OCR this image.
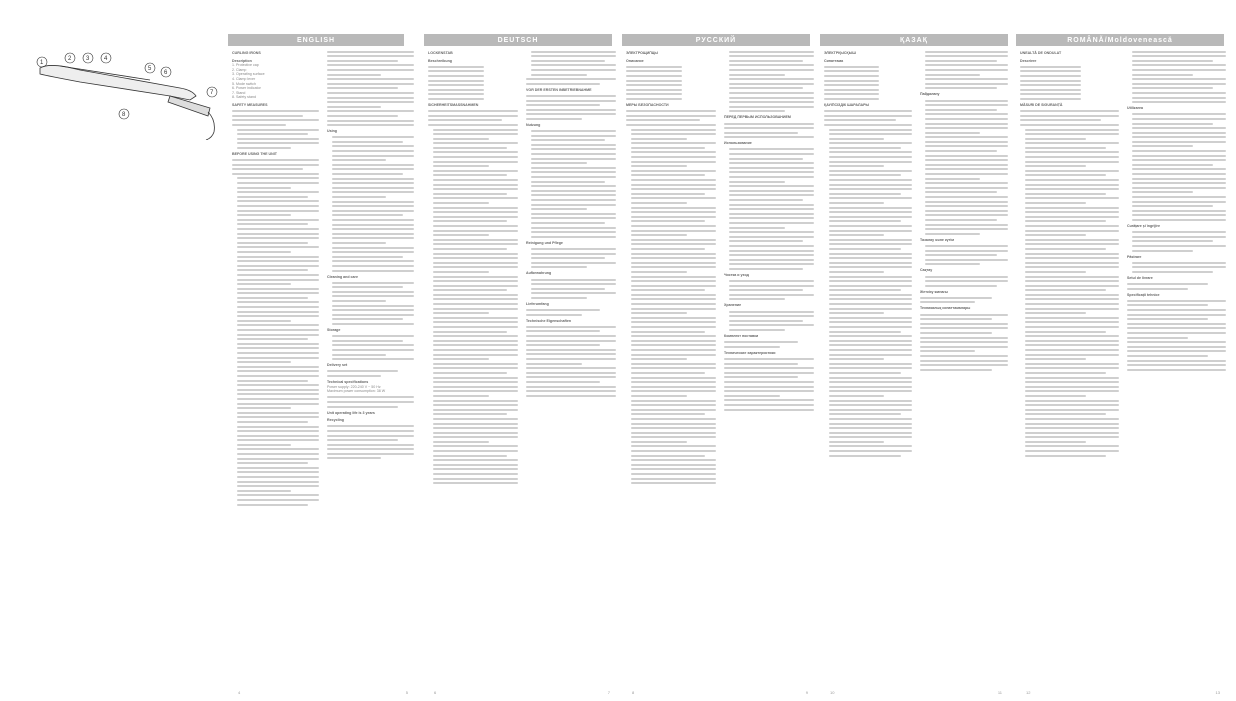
1
2 3 4
5
6
7
8
ENGLISH	DEUTSCH	РУССКИЙ	ҚАЗАҚ	ROMÂNĂ/Moldovenească
CURLING IRONS
Description
1. Protective cap
2. Clamp
3. Operating surface
4. Clamp lever
5. Mode switch
6. Power indicator
7. Stand
8. Safety stand
SAFETY MEASURES
BEFORE USING THE UNIT
Using
Cleaning and care
Storage
Delivery set
Technical specifications
Power supply: 220-240 V ~ 50 Hz
Maximum power consumption: 38 W
Unit operating life is 3 years
Recycling
4	5
LOCKENSTAB
Beschreibung
SICHERHEITSMASSNAHMEN
VOR DER ERSTEN INBETRIEBNAHME
Nutzung
Reinigung und Pflege
Aufbewahrung
Lieferumfang
Technische Eigenschaften
6	7
ЭЛЕКТРОЩИПЦЫ
Описание
МЕРЫ БЕЗОПАСНОСТИ
ПЕРЕД ПЕРВЫМ ИСПОЛЬЗОВАНИЕМ
Использование
Чистка и уход
Хранение
Комплект поставки
Технические характеристики
8	9
ЭЛЕКТРҚЫСҚЫШ
Сипаттама
ҚАУІПСІЗДІК ШАРАЛАРЫ
Пайдалану
Тазалау және күтім
Сақтау
Жеткізу жинағы
Техникалық сипаттамалары
10	11
UNEALTĂ DE ONDULAT
Descriere
MĂSURI DE SIGURANȚĂ
Utilizarea
Curățare și îngrijire
Păstrare
Setul de livrare
Specificații tehnice
12	13
